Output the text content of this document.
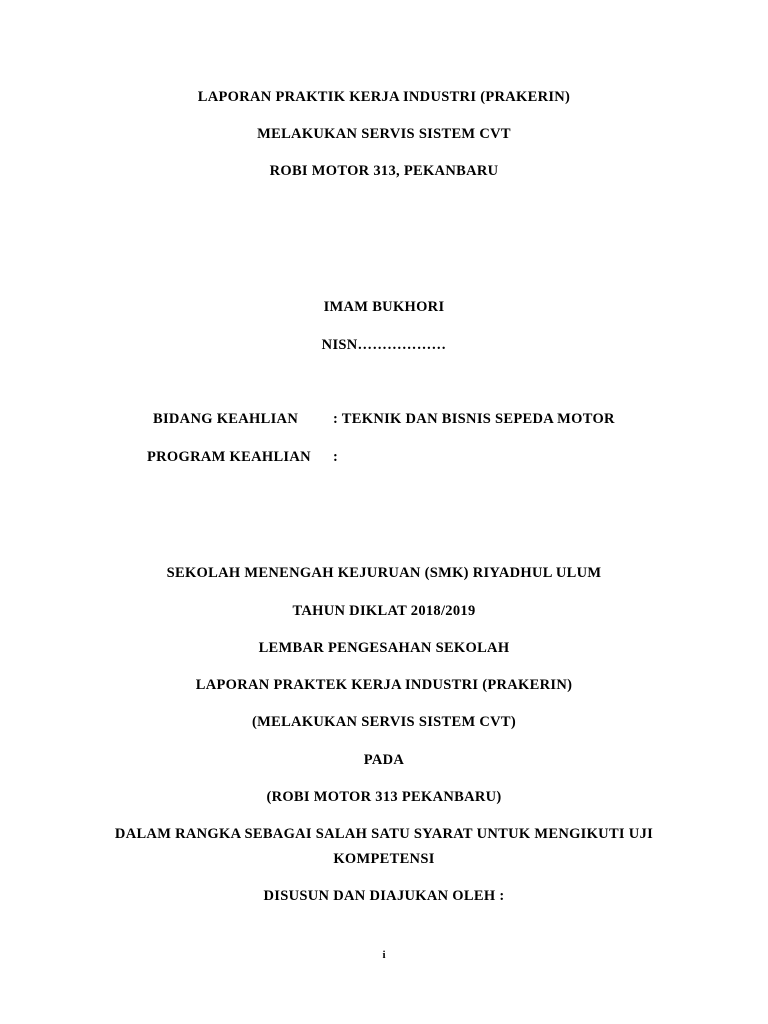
LAPORAN PRAKTIK KERJA INDUSTRI (PRAKERIN)
MELAKUKAN SERVIS SISTEM CVT
ROBI MOTOR 313, PEKANBARU
IMAM BUKHORI
NISN………………
BIDANG KEAHLIAN : TEKNIK DAN BISNIS SEPEDA MOTOR
PROGRAM KEAHLIAN :
SEKOLAH MENENGAH KEJURUAN (SMK) RIYADHUL ULUM
TAHUN DIKLAT 2018/2019
LEMBAR PENGESAHAN SEKOLAH
LAPORAN PRAKTEK KERJA INDUSTRI (PRAKERIN)
(MELAKUKAN SERVIS SISTEM CVT)
PADA
(ROBI MOTOR 313 PEKANBARU)
DALAM RANGKA SEBAGAI SALAH SATU SYARAT UNTUK MENGIKUTI UJI
KOMPETENSI
DISUSUN DAN DIAJUKAN OLEH :
i
